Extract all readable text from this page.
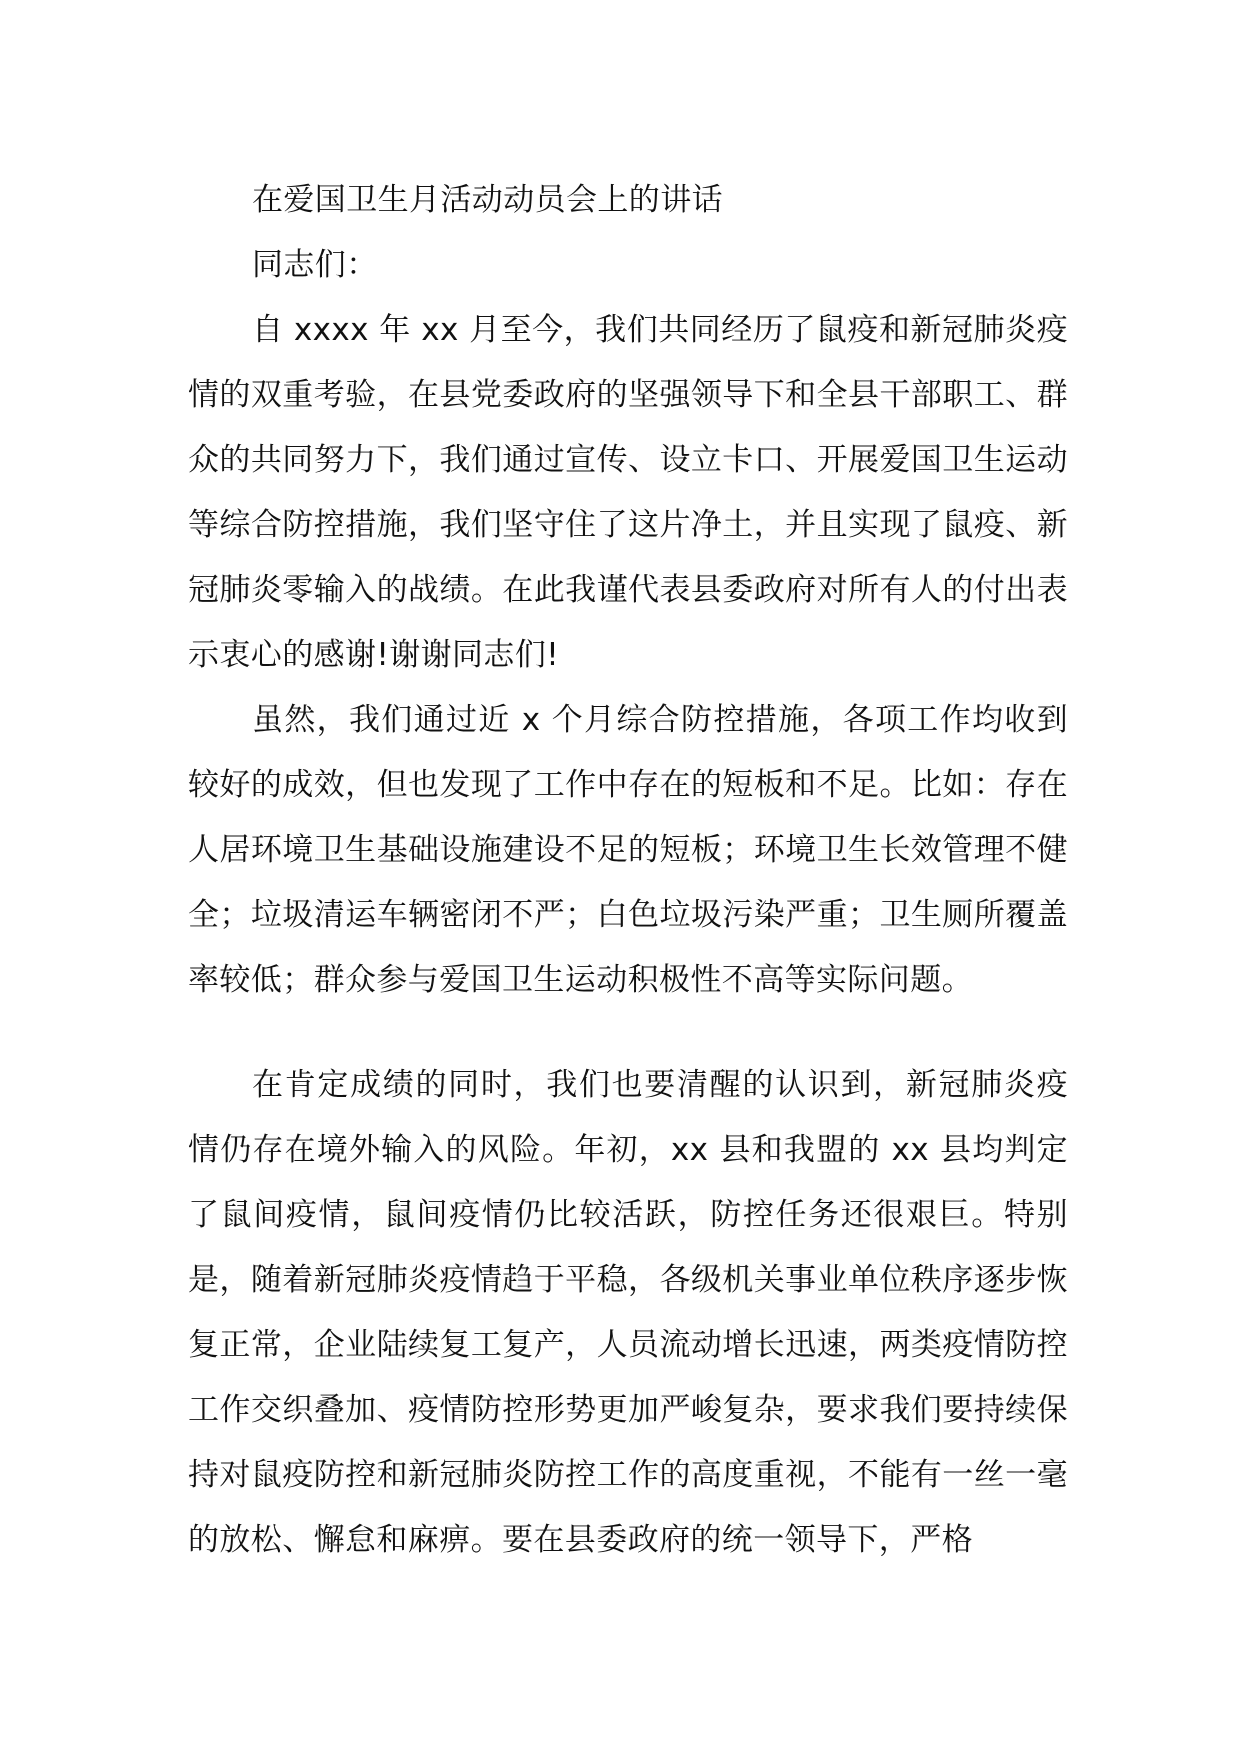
在爱国卫生月活动动员会上的讲话

同志们：

自 xxxx 年 xx 月至今，我们共同经历了鼠疫和新冠肺炎疫情的双重考验，在县党委政府的坚强领导下和全县干部职工、群众的共同努力下，我们通过宣传、设立卡口、开展爱国卫生运动等综合防控措施，我们坚守住了这片净土，并且实现了鼠疫、新冠肺炎零输入的战绩。在此我谨代表县委政府对所有人的付出表示衷心的感谢!谢谢同志们!

虽然，我们通过近 x 个月综合防控措施，各项工作均收到较好的成效，但也发现了工作中存在的短板和不足。比如：存在人居环境卫生基础设施建设不足的短板；环境卫生长效管理不健全；垃圾清运车辆密闭不严；白色垃圾污染严重；卫生厕所覆盖率较低；群众参与爱国卫生运动积极性不高等实际问题。

在肯定成绩的同时，我们也要清醒的认识到，新冠肺炎疫情仍存在境外输入的风险。年初，xx 县和我盟的 xx 县均判定了鼠间疫情，鼠间疫情仍比较活跃，防控任务还很艰巨。特别是，随着新冠肺炎疫情趋于平稳，各级机关事业单位秩序逐步恢复正常，企业陆续复工复产，人员流动增长迅速，两类疫情防控工作交织叠加、疫情防控形势更加严峻复杂，要求我们要持续保持对鼠疫防控和新冠肺炎防控工作的高度重视，不能有一丝一毫的放松、懈怠和麻痹。要在县委政府的统一领导下，严格
